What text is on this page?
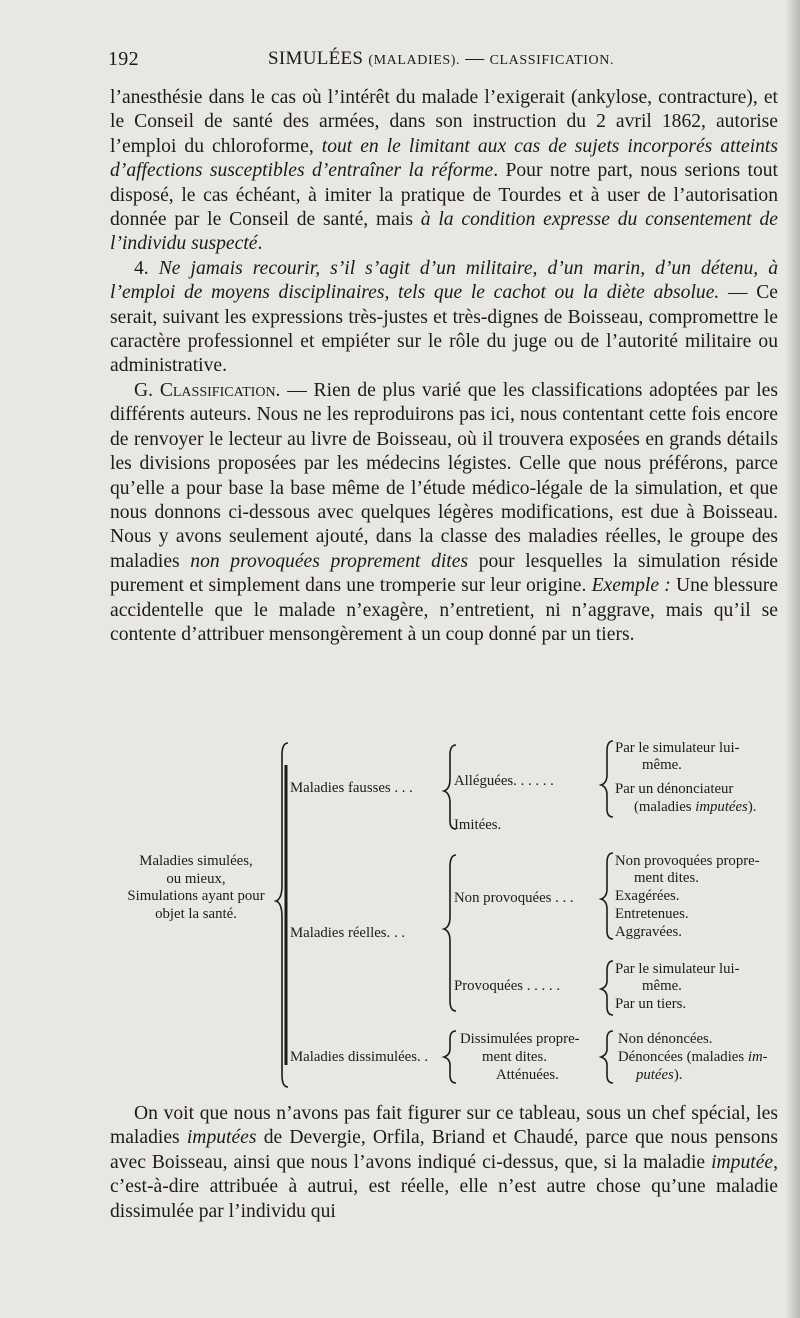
192	SIMULÉES (MALADIES). — CLASSIFICATION.

l’anesthésie dans le cas où l’intérêt du malade l’exigerait (ankylose, contracture), et le Conseil de santé des armées, dans son instruction du 2 avril 1862, autorise l’emploi du chloroforme, tout en le limitant aux cas de sujets incorporés atteints d’affections susceptibles d’entraîner la réforme. Pour notre part, nous serions tout disposé, le cas échéant, à imiter la pratique de Tourdes et à user de l’autorisation donnée par le Conseil de santé, mais à la condition expresse du consentement de l’individu suspecté.

4. Ne jamais recourir, s’il s’agit d’un militaire, d’un marin, d’un détenu, à l’emploi de moyens disciplinaires, tels que le cachot ou la diète absolue. — Ce serait, suivant les expressions très-justes et très-dignes de Boisseau, compromettre le caractère professionnel et empiéter sur le rôle du juge ou de l’autorité militaire ou administrative.

G. Classification. — Rien de plus varié que les classifications adoptées par les différents auteurs. Nous ne les reproduirons pas ici, nous contentant cette fois encore de renvoyer le lecteur au livre de Boisseau, où il trouvera exposées en grands détails les divisions proposées par les médecins légistes. Celle que nous préférons, parce qu’elle a pour base la base même de l’étude médico-légale de la simulation, et que nous donnons ci-dessous avec quelques légères modifications, est due à Boisseau. Nous y avons seulement ajouté, dans la classe des maladies réelles, le groupe des maladies non provoquées proprement dites pour lesquelles la simulation réside purement et simplement dans une tromperie sur leur origine. Exemple : Une blessure accidentelle que le malade n’exagère, n’entretient, ni n’aggrave, mais qu’il se contente d’attribuer mensongèrement à un coup donné par un tiers.

Maladies simulées,
ou mieux,
Simulations ayant pour
objet la santé.
Maladies fausses . . .	Alléguées. . . . . .
Par le simulateur lui-
même.
Par un dénonciateur
(maladies imputées).
Imitées.
Maladies réelles. . .
Non provoquées . . .
Non provoquées propre-
ment dites.
Exagérées.
Entretenues.
Aggravées.
Provoquées . . . . .
Par le simulateur lui-
même.
Par un tiers.
Maladies dissimulées. .
Dissimulées propre-
ment dites.
Atténuées.
Non dénoncées.
Dénoncées (maladies im-
putées).

On voit que nous n’avons pas fait figurer sur ce tableau, sous un chef spécial, les maladies imputées de Devergie, Orfila, Briand et Chaudé, parce que nous pensons avec Boisseau, ainsi que nous l’avons indiqué ci-dessus, que, si la maladie imputée, c’est-à-dire attribuée à autrui, est réelle, elle n’est autre chose qu’une maladie dissimulée par l’individu qui
